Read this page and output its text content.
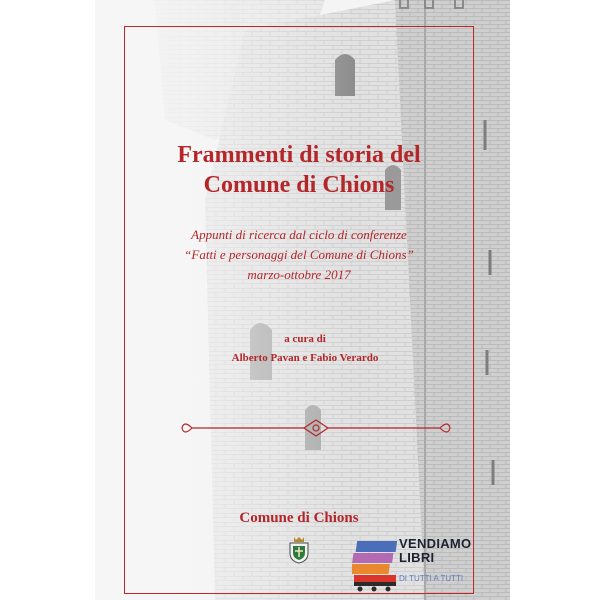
Frammenti di storia del
Comune di Chions
Appunti di ricerca dal ciclo di conferenze
“Fatti e personaggi del Comune di Chions”
marzo-ottobre 2017
a cura di
Alberto Pavan e Fabio Verardo
Comune di Chions
VENDIAMO
LIBRI
DI TUTTI A TUTTI
